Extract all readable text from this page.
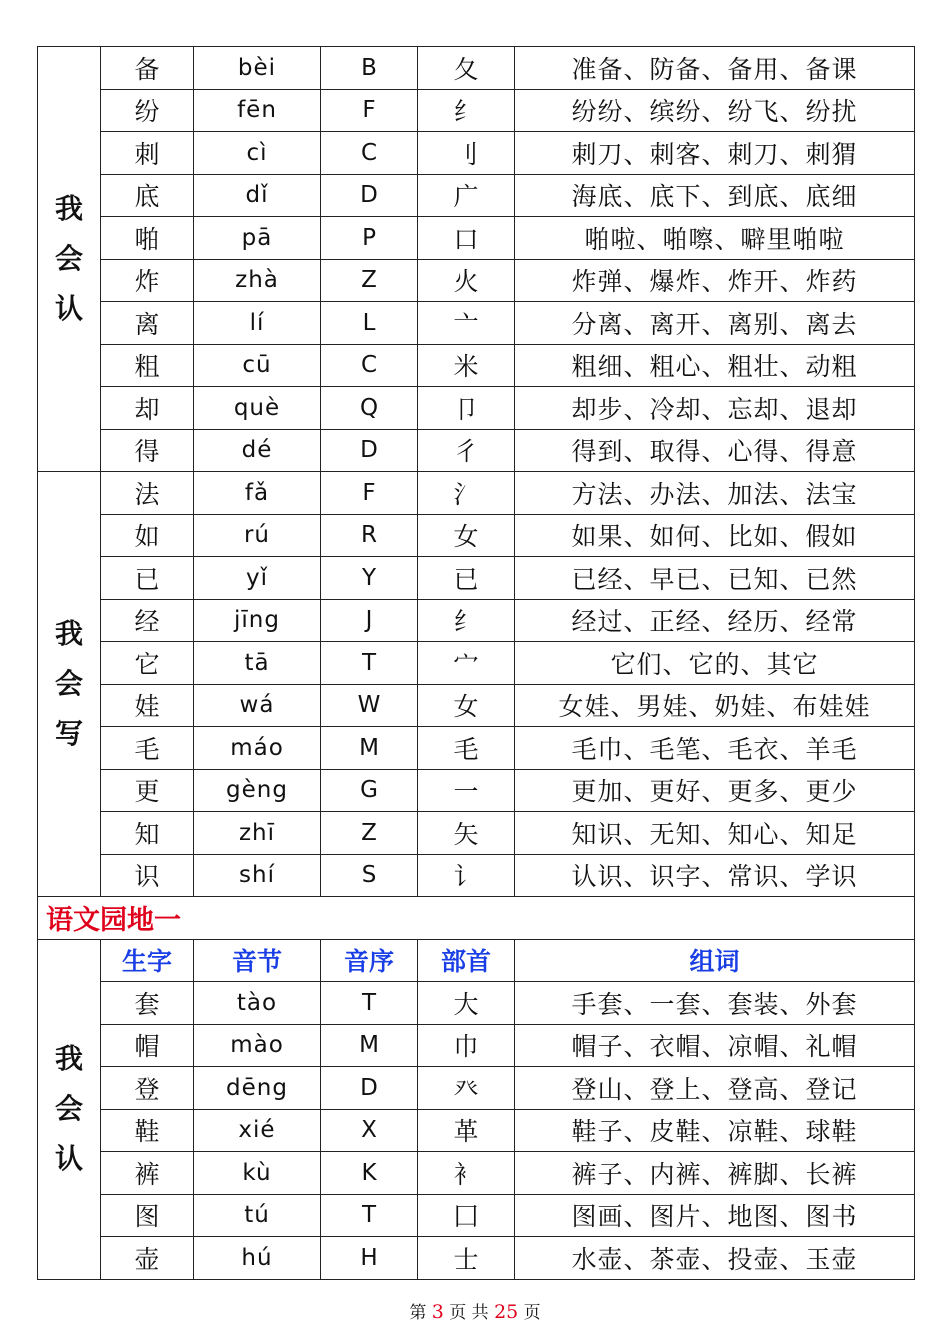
我
会
认	备	bèi	B	夂	准备、防备、备用、备课
	纷	fēn	F	纟	纷纷、缤纷、纷飞、纷扰
	刺	cì	C	刂	刺刀、刺客、刺刀、刺猬
	底	dǐ	D	广	海底、底下、到底、底细
	啪	pā	P	口	啪啦、啪嚓、噼里啪啦
	炸	zhà	Z	火	炸弹、爆炸、炸开、炸药
	离	lí	L	亠	分离、离开、离别、离去
	粗	cū	C	米	粗细、粗心、粗壮、动粗
	却	què	Q	卩	却步、冷却、忘却、退却
	得	dé	D	彳	得到、取得、心得、得意

我
会
写	法	fǎ	F	氵	方法、办法、加法、法宝
	如	rú	R	女	如果、如何、比如、假如
	已	yǐ	Y	已	已经、早已、已知、已然
	经	jīng	J	纟	经过、正经、经历、经常
	它	tā	T	宀	它们、它的、其它
	娃	wá	W	女	女娃、男娃、奶娃、布娃娃
	毛	máo	M	毛	毛巾、毛笔、毛衣、羊毛
	更	gèng	G	一	更加、更好、更多、更少
	知	zhī	Z	矢	知识、无知、知心、知足
	识	shí	S	讠	认识、识字、常识、学识
语文园地一					

我
会
认	生字	音节	音序	部首	组词
	套	tào	T	大	手套、一套、套装、外套
	帽	mào	M	巾	帽子、衣帽、凉帽、礼帽
	登	dēng	D	癶	登山、登上、登高、登记
	鞋	xié	X	革	鞋子、皮鞋、凉鞋、球鞋
	裤	kù	K	衤	裤子、内裤、裤脚、长裤
	图	tú	T	囗	图画、图片、地图、图书
	壶	hú	H	士	水壶、茶壶、投壶、玉壶
第 3 页 共 25 页
